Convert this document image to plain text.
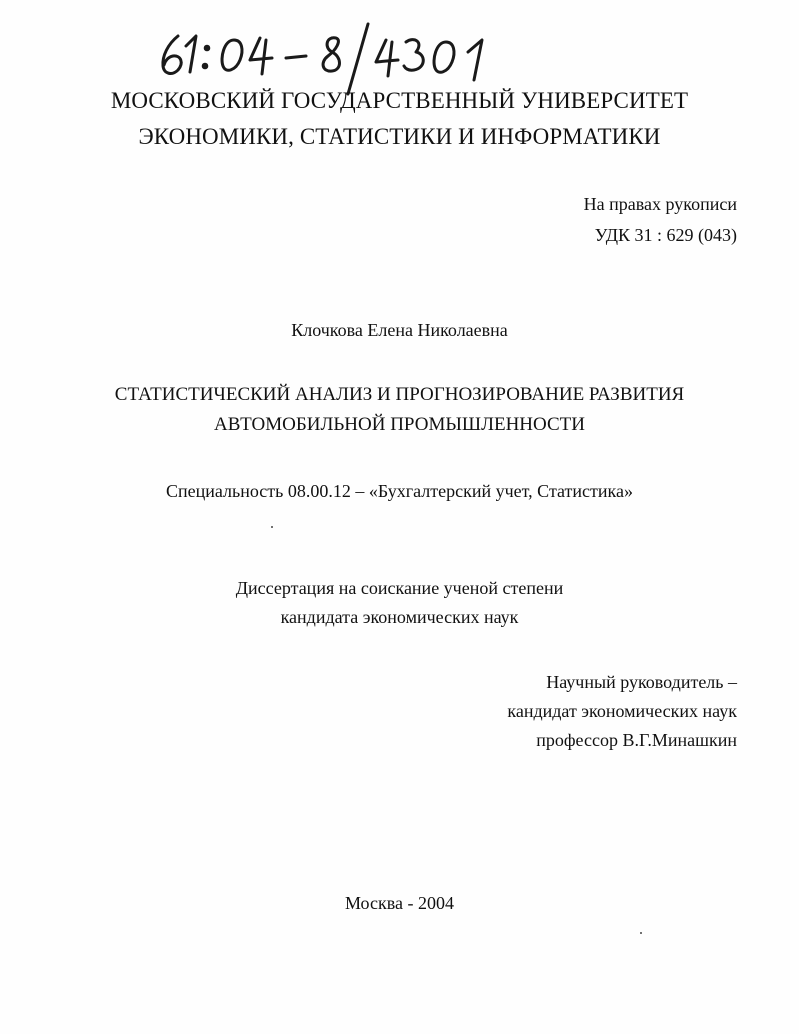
МОСКОВСКИЙ ГОСУДАРСТВЕННЫЙ УНИВЕРСИТЕТ
ЭКОНОМИКИ, СТАТИСТИКИ И ИНФОРМАТИКИ
На правах рукописи
УДК 31 : 629 (043)
Клочкова Елена Николаевна
СТАТИСТИЧЕСКИЙ АНАЛИЗ И ПРОГНОЗИРОВАНИЕ РАЗВИТИЯ
АВТОМОБИЛЬНОЙ ПРОМЫШЛЕННОСТИ
Специальность 08.00.12 – «Бухгалтерский учет, Статистика»
Диссертация на соискание ученой степени
кандидата экономических наук
Научный руководитель –
кандидат экономических наук
профессор В.Г.Минашкин
Москва - 2004
